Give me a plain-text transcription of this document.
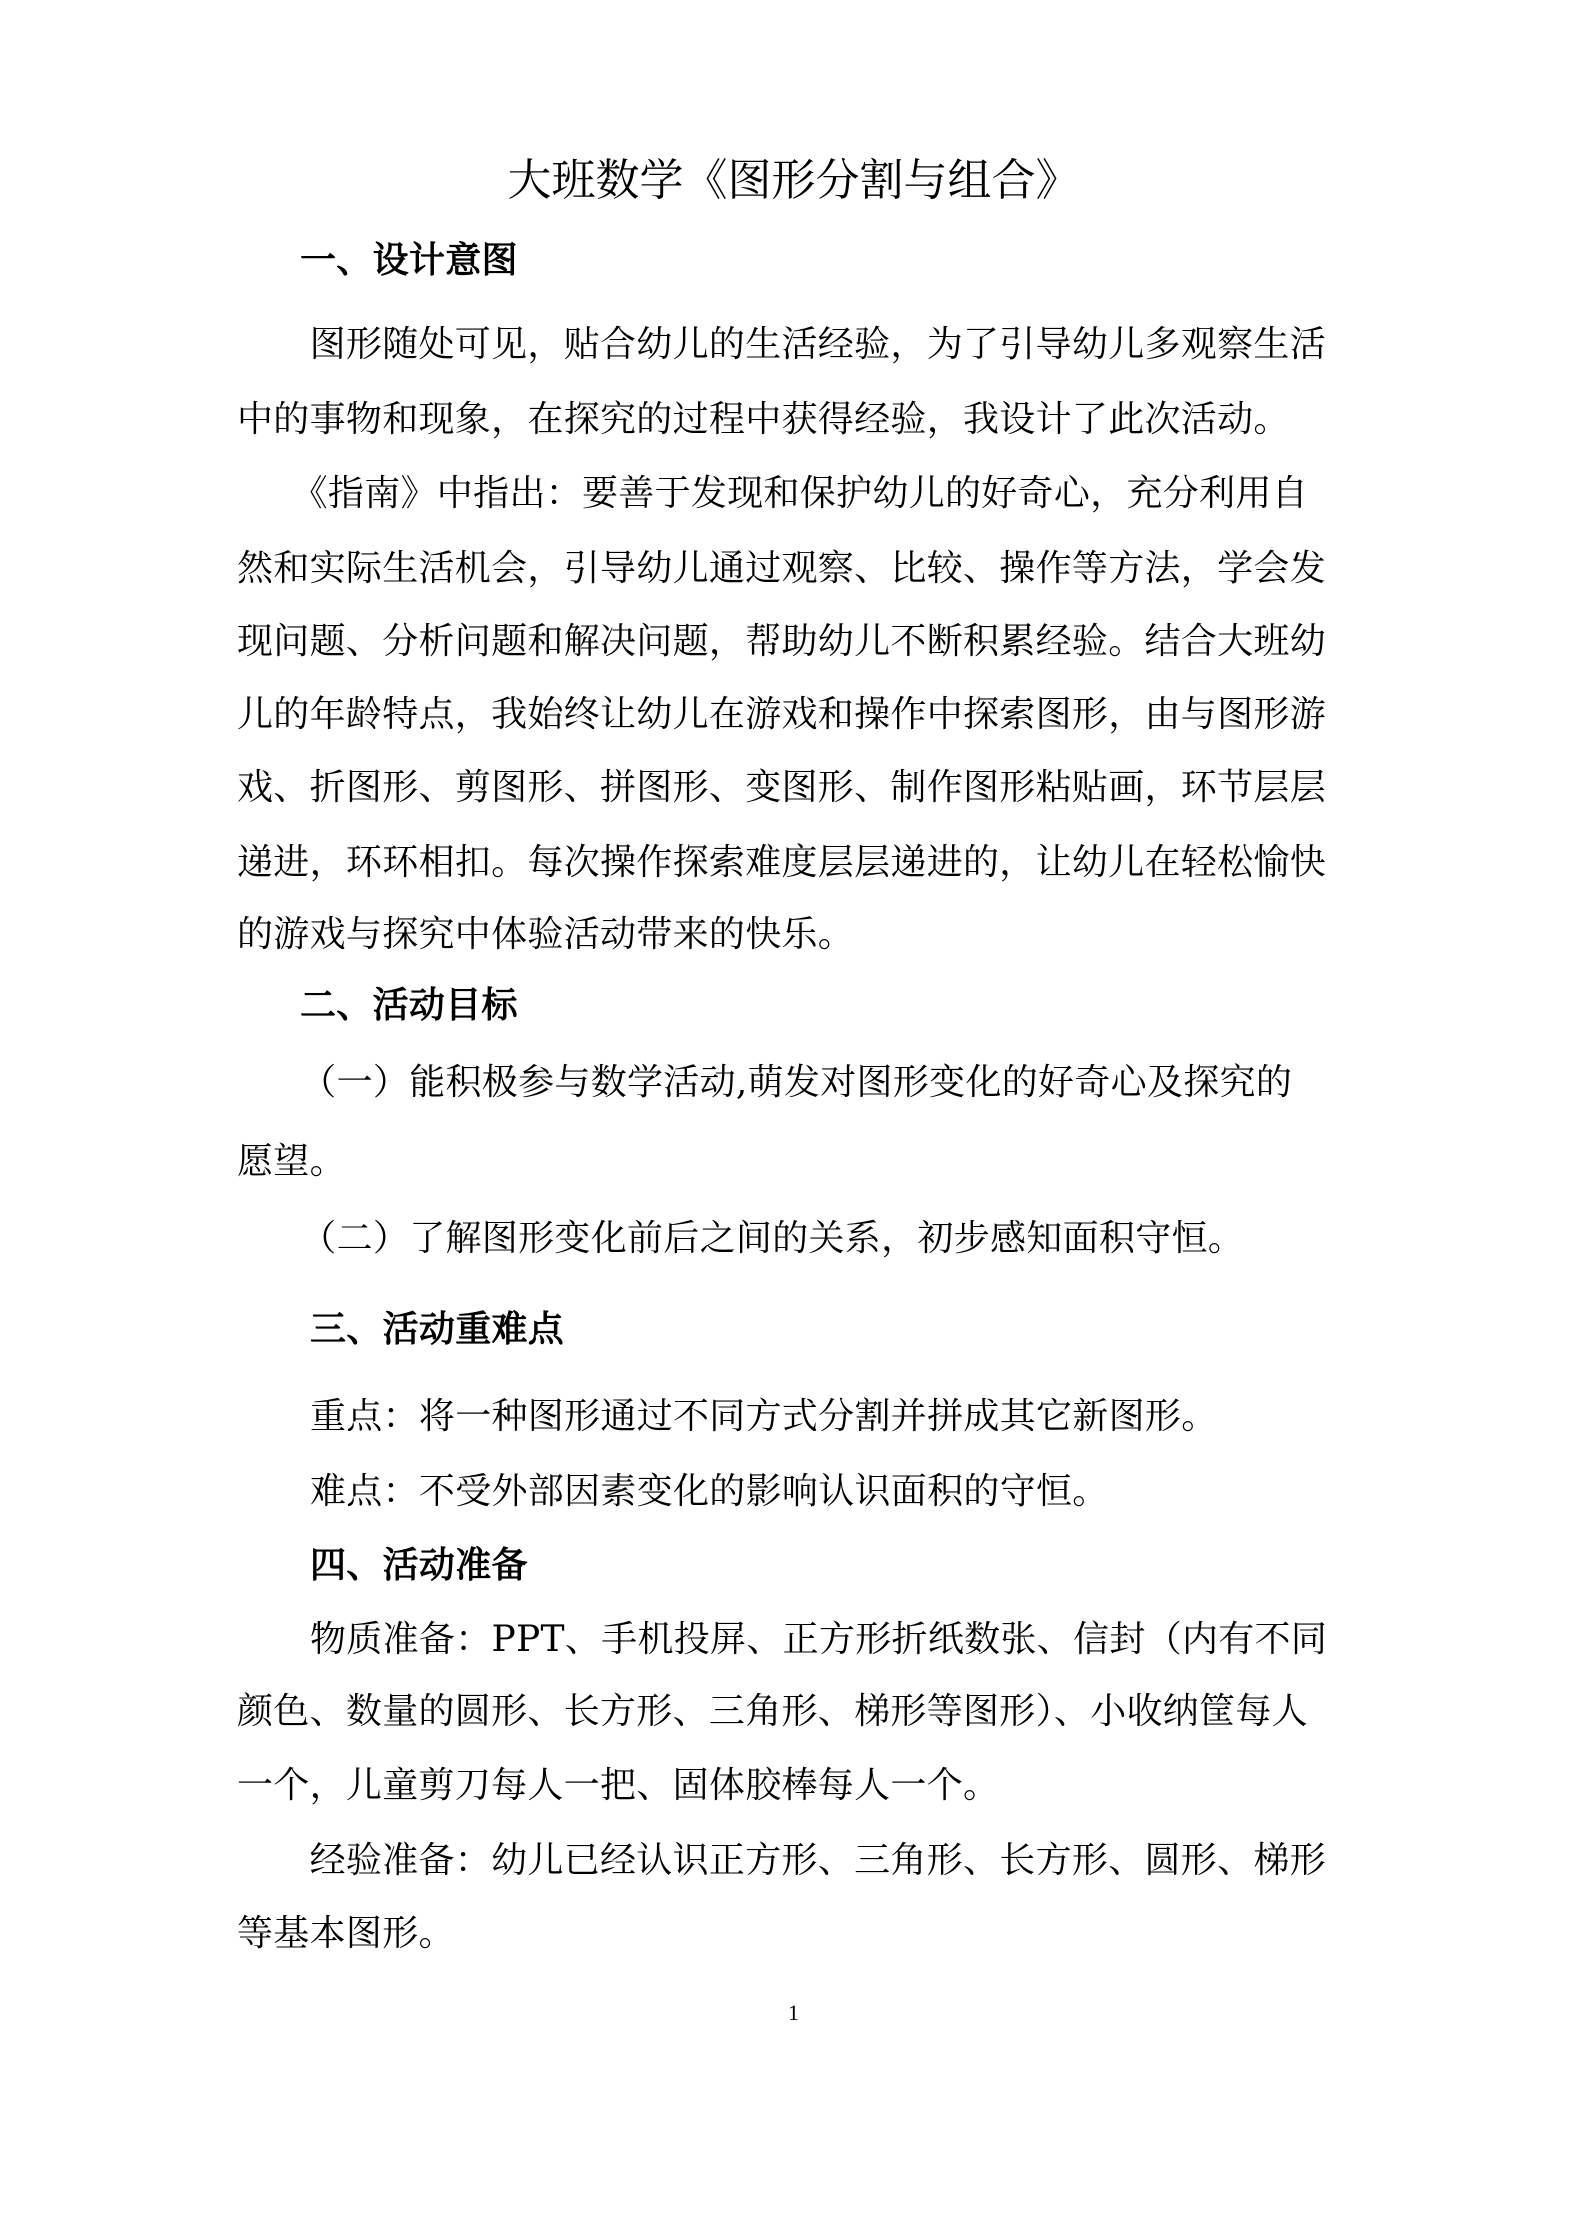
大班数学《图形分割与组合》
一、设计意图
　　图形随处可见，贴合幼儿的生活经验，为了引导幼儿多观察生活
中的事物和现象，在探究的过程中获得经验，我设计了此次活动。
　　《指南》中指出：要善于发现和保护幼儿的好奇心，充分利用自
然和实际生活机会，引导幼儿通过观察、比较、操作等方法，学会发
现问题、分析问题和解决问题，帮助幼儿不断积累经验。结合大班幼
儿的年龄特点，我始终让幼儿在游戏和操作中探索图形，由与图形游
戏、折图形、剪图形、拼图形、变图形、制作图形粘贴画，环节层层
递进，环环相扣。每次操作探索难度层层递进的，让幼儿在轻松愉快
的游戏与探究中体验活动带来的快乐。
二、活动目标
　（一）能积极参与数学活动,萌发对图形变化的好奇心及探究的
愿望。
　（二）了解图形变化前后之间的关系，初步感知面积守恒。
三、活动重难点
重点：将一种图形通过不同方式分割并拼成其它新图形。
难点：不受外部因素变化的影响认识面积的守恒。
四、活动准备
物质准备：PPT、手机投屏、正方形折纸数张、信封（内有不同
颜色、数量的圆形、长方形、三角形、梯形等图形）、小收纳筐每人
一个，儿童剪刀每人一把、固体胶棒每人一个。
　　经验准备：幼儿已经认识正方形、三角形、长方形、圆形、梯形
等基本图形。
1
